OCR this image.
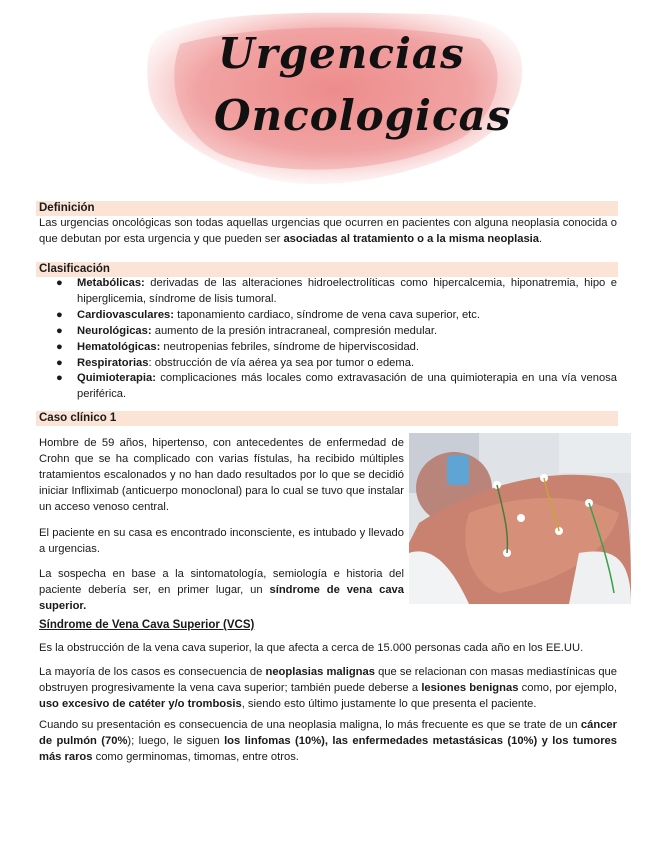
Urgencias
Oncologicas
Definición
Las urgencias oncológicas son todas aquellas urgencias que ocurren en pacientes con alguna neoplasia conocida o que debutan por esta urgencia y que pueden ser asociadas al tratamiento o a la misma neoplasia.
Clasificación
● Metabólicas: derivadas de las alteraciones hidroelectrolíticas como hipercalcemia, hiponatremia, hipo e hiperglicemia, síndrome de lisis tumoral.
● Cardiovasculares: taponamiento cardiaco, síndrome de vena cava superior, etc.
● Neurológicas: aumento de la presión intracraneal, compresión medular.
● Hematológicas: neutropenias febriles, síndrome de hiperviscosidad.
● Respiratorias: obstrucción de vía aérea ya sea por tumor o edema.
● Quimioterapia: complicaciones más locales como extravasación de una quimioterapia en una vía venosa periférica.
Caso clínico 1
Hombre de 59 años, hipertenso, con antecedentes de enfermedad de Crohn que se ha complicado con varias fístulas, ha recibido múltiples tratamientos escalonados y no han dado resultados por lo que se decidió iniciar Infliximab (anticuerpo monoclonal) para lo cual se tuvo que instalar un acceso venoso central.
El paciente en su casa es encontrado inconsciente, es intubado y llevado a urgencias.
La sospecha en base a la sintomatología, semiología e historia del paciente debería ser, en primer lugar, un síndrome de vena cava superior.
Síndrome de Vena Cava Superior (VCS)
Es la obstrucción de la vena cava superior, la que afecta a cerca de 15.000 personas cada año en los EE.UU.
La mayoría de los casos es consecuencia de neoplasias malignas que se relacionan con masas mediastínicas que obstruyen progresivamente la vena cava superior; también puede deberse a lesiones benignas como, por ejemplo, uso excesivo de catéter y/o trombosis, siendo esto último justamente lo que presenta el paciente.
Cuando su presentación es consecuencia de una neoplasia maligna, lo más frecuente es que se trate de un cáncer de pulmón (70%); luego, le siguen los linfomas (10%), las enfermedades metastásicas (10%) y los tumores más raros como germinomas, timomas, entre otros.
